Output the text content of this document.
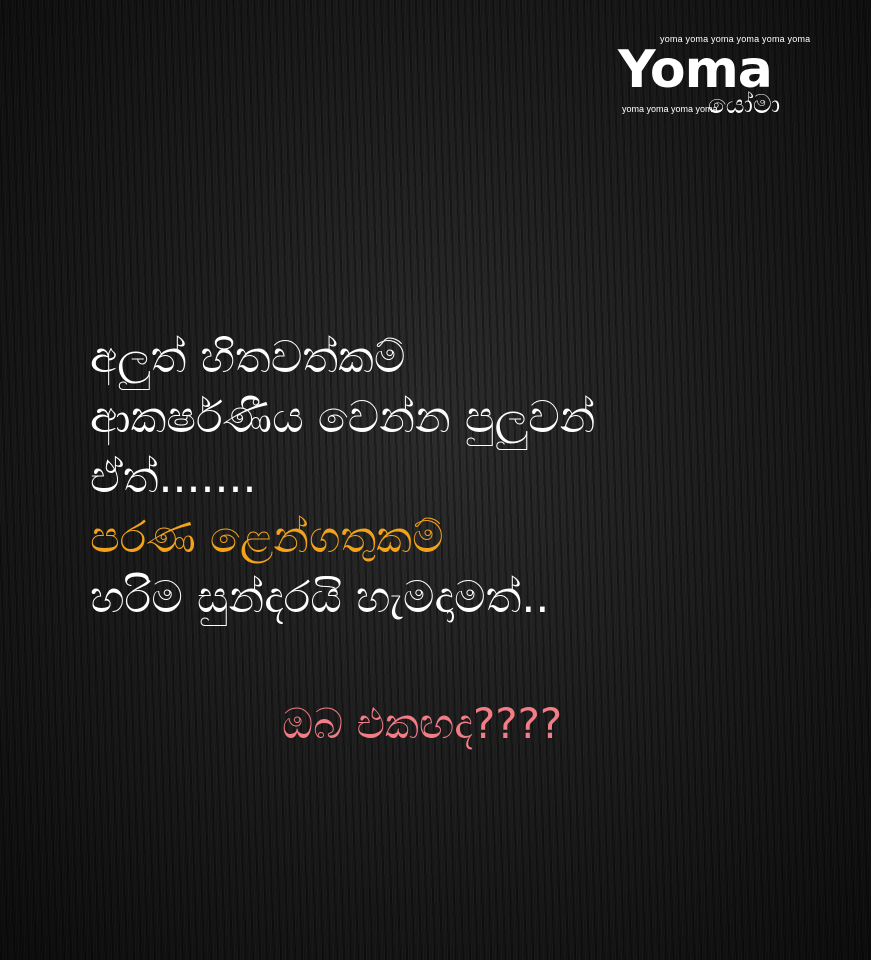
yoma yoma yoma yoma yoma yoma
Yoma
yoma yoma yoma yoma
යෝමා
අලුත් හිතවත්කම්
ආකර්ෂණීය වෙන්න පුලුවන්
ඒත්.......
පරණ ළෙන්ගතුකම්
හරිම සුන්දරයි හැමදාමත්..
ඔබ එකඟද????
